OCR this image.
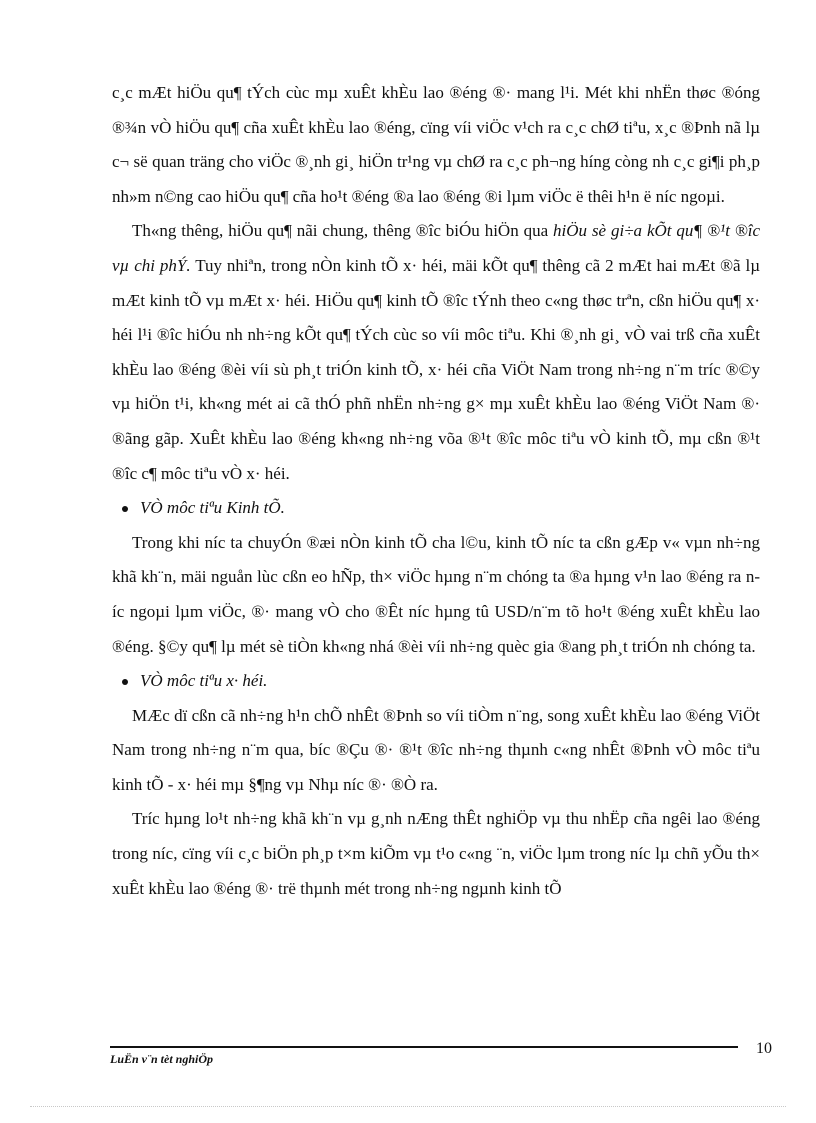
c¸c mÆt hiÖu qu¶ tÝch cùc mµ xuÊt khÈu lao ®éng ®· mang l¹i. Mét khi nhËn thøc ®óng ®¾n vÒ hiÖu qu¶ cña xuÊt khÈu lao ®éng, cïng víi viÖc v¹ch ra c¸c chØ tiªu, x¸c ®Þnh nã lµ c¬ së quan träng cho viÖc ®¸nh gi¸ hiÖn tr¹ng vµ chØ ra c¸c ph¬ng híng còng nh c¸c gi¶i ph¸p nh»m n©ng cao hiÖu qu¶ cña ho¹t ®éng ®a lao ®éng ®i lµm viÖc ë thêi h¹n ë níc ngoµi.

Th«ng thêng, hiÖu qu¶ nãi chung, thêng ®îc biÓu hiÖn qua hiÖu sè gi÷a kÕt qu¶ ®¹t ®îc vµ chi phÝ. Tuy nhiªn, trong nÒn kinh tÕ x· héi, mäi kÕt qu¶ thêng cã 2 mÆt hai mÆt ®ã lµ mÆt kinh tÕ vµ mÆt x· héi. HiÖu qu¶ kinh tÕ ®îc tÝnh theo c«ng thøc trªn, cßn hiÖu qu¶ x· héi l¹i ®îc hiÓu nh nh÷ng kÕt qu¶ tÝch cùc so víi môc tiªu. Khi ®¸nh gi¸ vÒ vai trß cña xuÊt khÈu lao ®éng ®èi víi sù ph¸t triÓn kinh tÕ, x· héi cña ViÖt Nam trong nh÷ng n¨m tríc ®©y vµ hiÖn t¹i, kh«ng mét ai cã thÓ phñ nhËn nh÷ng g× mµ xuÊt khÈu lao ®éng ViÖt Nam ®· ®ãng gãp. XuÊt khÈu lao ®éng kh«ng nh÷ng võa ®¹t ®îc môc tiªu vÒ kinh tÕ, mµ cßn ®¹t ®îc c¶ môc tiªu vÒ x· héi.

VÒ môc tiªu Kinh tÕ.

Trong khi níc ta chuyÓn ®æi nÒn kinh tÕ cha l©u, kinh tÕ níc ta cßn gÆp v« vµn nh÷ng khã kh¨n, mäi nguån lùc cßn eo hÑp, th× viÖc hµng n¨m chóng ta ®a hµng v¹n lao ®éng ra níc ngoµi lµm viÖc, ®· mang vÒ cho ®Êt níc hµng tû USD/n¨m tõ ho¹t ®éng xuÊt khÈu lao ®éng. §©y qu¶ lµ mét sè tiÒn kh«ng nhá ®èi víi nh÷ng quèc gia ®ang ph¸t triÓn nh chóng ta.

VÒ môc tiªu x· héi.

MÆc dï cßn cã nh÷ng h¹n chÕ nhÊt ®Þnh so víi tiÒm n¨ng, song xuÊt khÈu lao ®éng ViÖt Nam trong nh÷ng n¨m qua, bíc ®Çu ®· ®¹t ®îc nh÷ng thµnh c«ng nhÊt ®Þnh vÒ môc tiªu kinh tÕ - x· héi mµ §¶ng vµ Nhµ níc ®· ®Ò ra.

Tríc hµng lo¹t nh÷ng khã kh¨n vµ g¸nh nÆng thÊt nghiÖp vµ thu nhËp cña ngêi lao ®éng trong níc, cïng víi c¸c biÖn ph¸p t×m kiÕm vµ t¹o c«ng ¨n, viÖc lµm trong níc lµ chñ yÕu th× xuÊt khÈu lao ®éng ®· trë thµnh mét trong nh÷ng ngµnh kinh tÕ

LuËn v¨n tèt nghiÖp
10
